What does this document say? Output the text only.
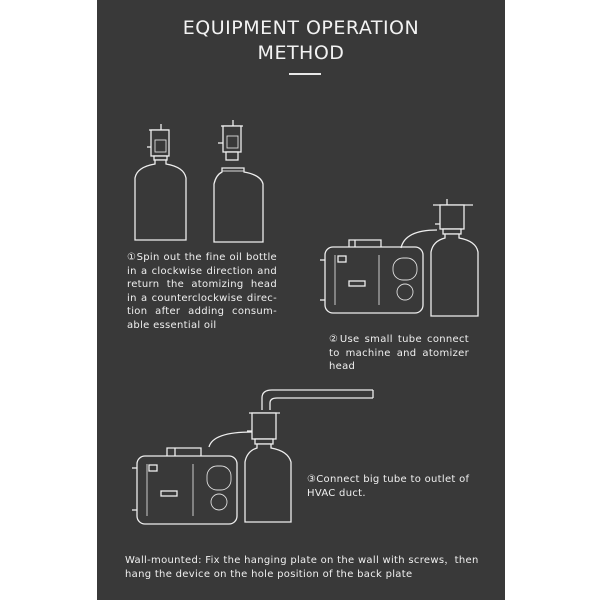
EQUIPMENT OPERATION
METHOD
①Spin out the fine oil bottle in a clockwise direction and return the atomizing head in a counterclockwise direc- tion after adding consum- able essential oil
②Use small tube connect to machine and atomizer head
③Connect big tube to outlet of HVAC duct.
Wall-mounted: Fix the hanging plate on the wall with screws，then hang the device on the hole position of the back plate
